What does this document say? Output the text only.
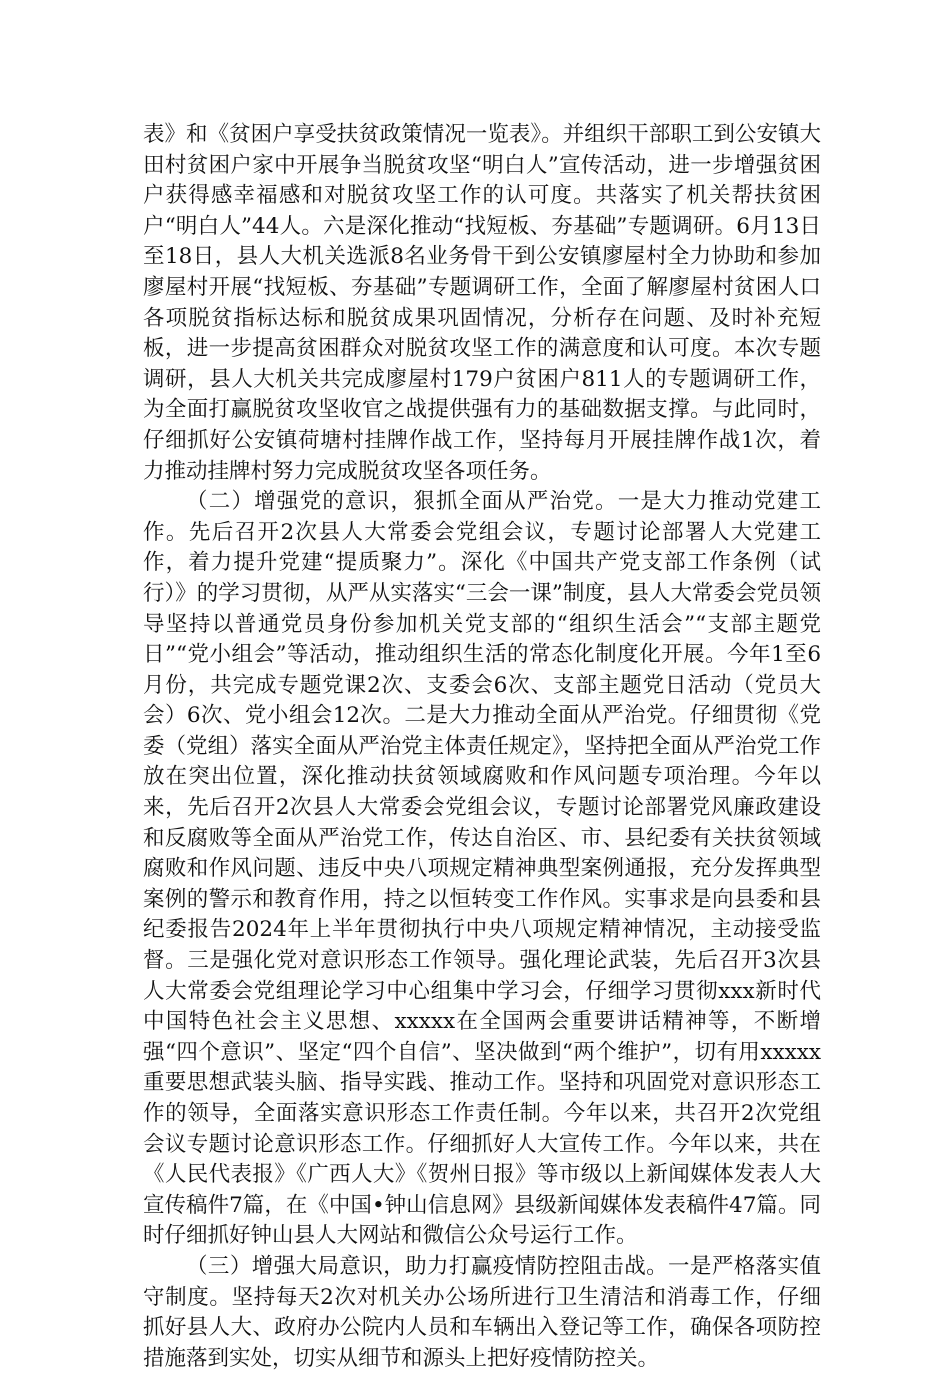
表》和《贫困户享受扶贫政策情况一览表》。并组织干部职工到公安镇大田村贫困户家中开展争当脱贫攻坚“明白人”宣传活动，进一步增强贫困户获得感幸福感和对脱贫攻坚工作的认可度。共落实了机关帮扶贫困户“明白人”44人。六是深化推动“找短板、夯基础”专题调研。6月13日至18日，县人大机关选派8名业务骨干到公安镇廖屋村全力协助和参加廖屋村开展“找短板、夯基础”专题调研工作，全面了解廖屋村贫困人口各项脱贫指标达标和脱贫成果巩固情况，分析存在问题、及时补充短板，进一步提高贫困群众对脱贫攻坚工作的满意度和认可度。本次专题调研，县人大机关共完成廖屋村179户贫困户811人的专题调研工作，为全面打赢脱贫攻坚收官之战提供强有力的基础数据支撑。与此同时，仔细抓好公安镇荷塘村挂牌作战工作，坚持每月开展挂牌作战1次，着力推动挂牌村努力完成脱贫攻坚各项任务。

（二）增强党的意识，狠抓全面从严治党。一是大力推动党建工作。先后召开2次县人大常委会党组会议，专题讨论部署人大党建工作，着力提升党建“提质聚力”。深化《中国共产党支部工作条例（试行）》的学习贯彻，从严从实落实“三会一课”制度，县人大常委会党员领导坚持以普通党员身份参加机关党支部的“组织生活会”“支部主题党日”“党小组会”等活动，推动组织生活的常态化制度化开展。今年1至6月份，共完成专题党课2次、支委会6次、支部主题党日活动（党员大会）6次、党小组会12次。二是大力推动全面从严治党。仔细贯彻《党委（党组）落实全面从严治党主体责任规定》，坚持把全面从严治党工作放在突出位置，深化推动扶贫领域腐败和作风问题专项治理。今年以来，先后召开2次县人大常委会党组会议，专题讨论部署党风廉政建设和反腐败等全面从严治党工作，传达自治区、市、县纪委有关扶贫领域腐败和作风问题、违反中央八项规定精神典型案例通报，充分发挥典型案例的警示和教育作用，持之以恒转变工作作风。实事求是向县委和县纪委报告2024年上半年贯彻执行中央八项规定精神情况，主动接受监督。三是强化党对意识形态工作领导。强化理论武装，先后召开3次县人大常委会党组理论学习中心组集中学习会，仔细学习贯彻xxx新时代中国特色社会主义思想、xxxxx在全国两会重要讲话精神等，不断增强“四个意识”、坚定“四个自信”、坚决做到“两个维护”，切有用xxxxx重要思想武装头脑、指导实践、推动工作。坚持和巩固党对意识形态工作的领导，全面落实意识形态工作责任制。今年以来，共召开2次党组会议专题讨论意识形态工作。仔细抓好人大宣传工作。今年以来，共在《人民代表报》《广西人大》《贺州日报》等市级以上新闻媒体发表人大宣传稿件7篇，在《中国•钟山信息网》县级新闻媒体发表稿件47篇。同时仔细抓好钟山县人大网站和微信公众号运行工作。

（三）增强大局意识，助力打赢疫情防控阻击战。一是严格落实值守制度。坚持每天2次对机关办公场所进行卫生清洁和消毒工作，仔细抓好县人大、政府办公院内人员和车辆出入登记等工作，确保各项防控措施落到实处，切实从细节和源头上把好疫情防控关。
